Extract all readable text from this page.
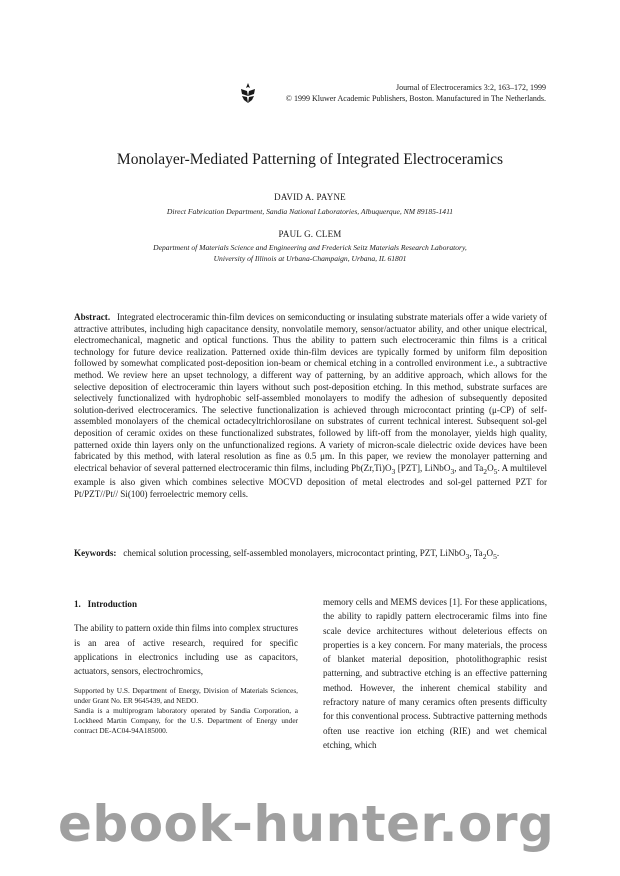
Journal of Electroceramics 3:2, 163–172, 1999
© 1999 Kluwer Academic Publishers, Boston. Manufactured in The Netherlands.
Monolayer-Mediated Patterning of Integrated Electroceramics
DAVID A. PAYNE
Direct Fabrication Department, Sandia National Laboratories, Albuquerque, NM 89185-1411
PAUL G. CLEM
Department of Materials Science and Engineering and Frederick Seitz Materials Research Laboratory,
University of Illinois at Urbana-Champaign, Urbana, IL 61801
Abstract. Integrated electroceramic thin-film devices on semiconducting or insulating substrate materials offer a wide variety of attractive attributes, including high capacitance density, nonvolatile memory, sensor/actuator ability, and other unique electrical, electromechanical, magnetic and optical functions. Thus the ability to pattern such electroceramic thin films is a critical technology for future device realization. Patterned oxide thin-film devices are typically formed by uniform film deposition followed by somewhat complicated post-deposition ion-beam or chemical etching in a controlled environment i.e., a subtractive method. We review here an upset technology, a different way of patterning, by an additive approach, which allows for the selective deposition of electroceramic thin layers without such post-deposition etching. In this method, substrate surfaces are selectively functionalized with hydrophobic self-assembled monolayers to modify the adhesion of subsequently deposited solution-derived electroceramics. The selective functionalization is achieved through microcontact printing (μ-CP) of self-assembled monolayers of the chemical octadecyltrichlorosilane on substrates of current technical interest. Subsequent sol-gel deposition of ceramic oxides on these functionalized substrates, followed by lift-off from the monolayer, yields high quality, patterned oxide thin layers only on the unfunctionalized regions. A variety of micron-scale dielectric oxide devices have been fabricated by this method, with lateral resolution as fine as 0.5 μm. In this paper, we review the monolayer patterning and electrical behavior of several patterned electroceramic thin films, including $Pb(Zr,Ti)O_3$ [PZT], LiNbO$_3$, and $Ta_2O_5$. A multilevel example is also given which combines selective MOCVD deposition of metal electrodes and sol-gel patterned PZT for Pt/PZT//Pt// Si(100) ferroelectric memory cells.
Keywords: chemical solution processing, self-assembled monolayers, microcontact printing, PZT, LiNbO$_3$, $Ta_2O_5$.
1. Introduction

The ability to pattern oxide thin films into complex structures is an area of active research, required for specific applications in electronics including use as capacitors, actuators, sensors, electrochromics,

Supported by U.S. Department of Energy, Division of Materials Sciences, under Grant No. ER 9645439, and NEDO.

Sandia is a multiprogram laboratory operated by Sandia Corporation, a Lockheed Martin Company, for the U.S. Department of Energy under contract DE-AC04-94A185000.

memory cells and MEMS devices [1]. For these applications, the ability to rapidly pattern electroceramic films into fine scale device architectures without deleterious effects on properties is a key concern. For many materials, the process of blanket material deposition, photolithographic resist patterning, and subtractive etching is an effective patterning method. However, the inherent chemical stability and refractory nature of many ceramics often presents difficulty for this conventional process. Subtractive patterning methods often use reactive ion etching (RIE) and wet chemical etching, which

ebook-hunter.org
